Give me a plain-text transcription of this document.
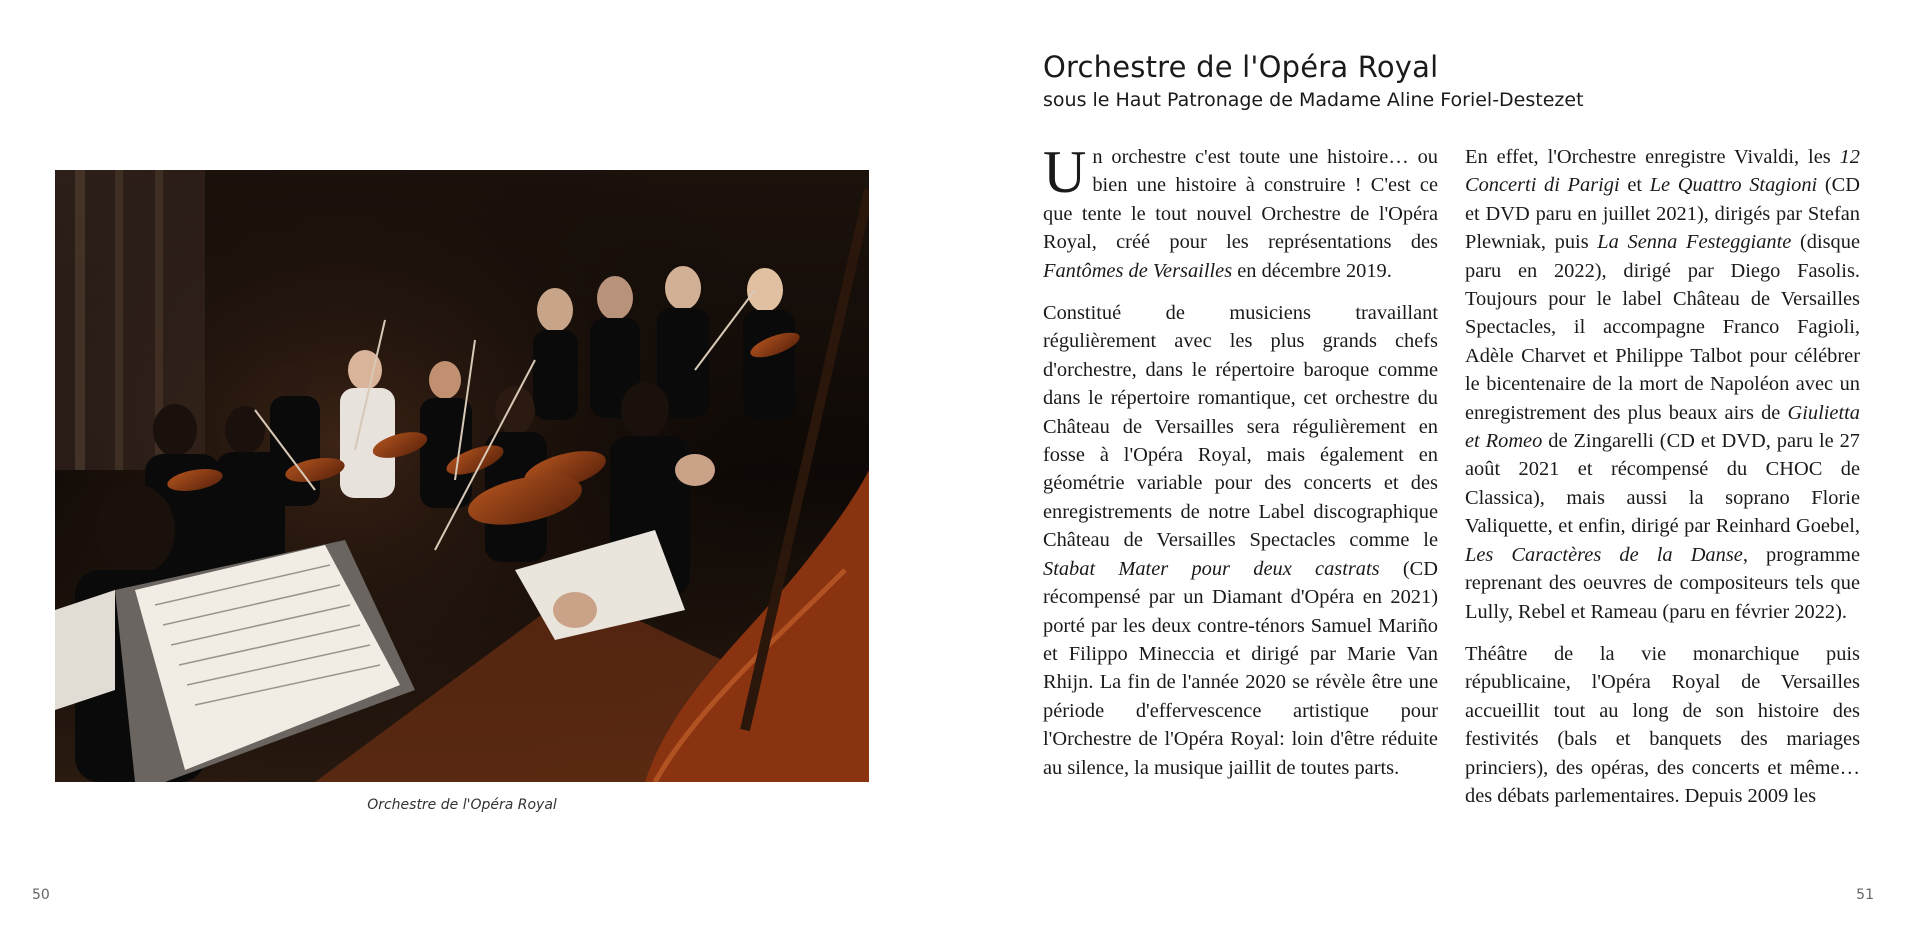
Orchestre de l'Opéra Royal
50
Orchestre de l'Opéra Royal
sous le Haut Patronage de Madame Aline Foriel-Destezet

Un orchestre c'est toute une histoire… ou bien une histoire à construire ! C'est ce que tente le tout nouvel Orchestre de l'Opéra Royal, créé pour les représentations des Fantômes de Versailles en décembre 2019.

Constitué de musiciens travaillant régulièrement avec les plus grands chefs d'orchestre, dans le répertoire baroque comme dans le répertoire romantique, cet orchestre du Château de Versailles sera régulièrement en fosse à l'Opéra Royal, mais également en géométrie variable pour des concerts et des enregistrements de notre Label discographique Château de Versailles Spectacles comme le Stabat Mater pour deux castrats (CD récompensé par un Diamant d'Opéra en 2021) porté par les deux contre-ténors Samuel Mariño et Filippo Mineccia et dirigé par Marie Van Rhijn. La fin de l'année 2020 se révèle être une période d'effervescence artistique pour l'Orchestre de l'Opéra Royal: loin d'être réduite au silence, la musique jaillit de toutes parts.

En effet, l'Orchestre enregistre Vivaldi, les 12 Concerti di Parigi et Le Quattro Stagioni (CD et DVD paru en juillet 2021), dirigés par Stefan Plewniak, puis La Senna Festeggiante (disque paru en 2022), dirigé par Diego Fasolis. Toujours pour le label Château de Versailles Spectacles, il accompagne Franco Fagioli, Adèle Charvet et Philippe Talbot pour célébrer le bicentenaire de la mort de Napoléon avec un enregistrement des plus beaux airs de Giulietta et Romeo de Zingarelli (CD et DVD, paru le 27 août 2021 et récompensé du CHOC de Classica), mais aussi la soprano Florie Valiquette, et enfin, dirigé par Reinhard Goebel, Les Caractères de la Danse, programme reprenant des oeuvres de compositeurs tels que Lully, Rebel et Rameau (paru en février 2022).

Théâtre de la vie monarchique puis républicaine, l'Opéra Royal de Versailles accueillit tout au long de son histoire des festivités (bals et banquets des mariages princiers), des opéras, des concerts et même… des débats parlementaires. Depuis 2009 les

51
